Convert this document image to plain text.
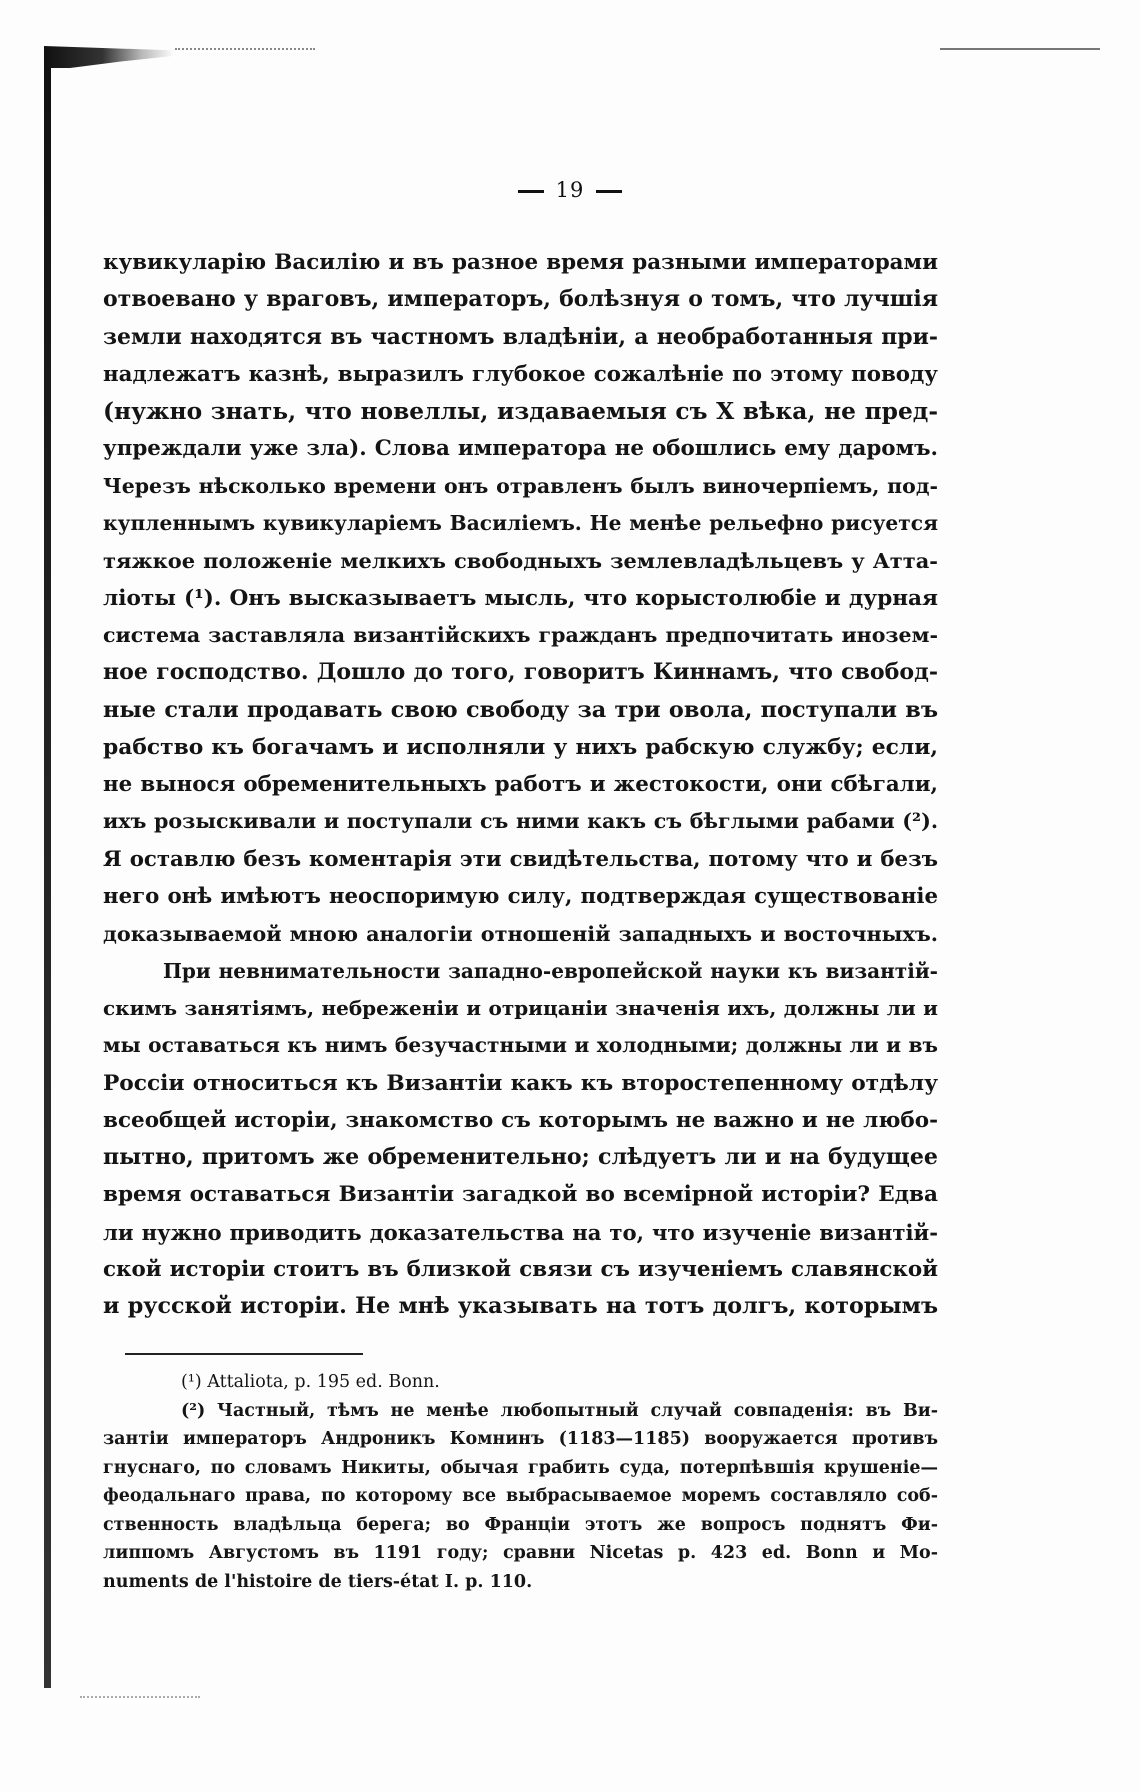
19
кувикуларію Василію и въ разное время разными императорами
отвоевано у враговъ, императоръ, болѣзнуя о томъ, что лучшія
земли находятся въ частномъ владѣніи, а необработанныя при-
надлежатъ казнѣ, выразилъ глубокое сожалѣніе по этому поводу
(нужно знать, что новеллы, издаваемыя съ X вѣка, не пред-
упреждали уже зла). Слова императора не обошлись ему даромъ.
Черезъ нѣсколько времени онъ отравленъ былъ виночерпіемъ, под-
купленнымъ кувикуларіемъ Василіемъ. Не менѣе рельефно рисуется
тяжкое положеніе мелкихъ свободныхъ землевладѣльцевъ у Атта-
ліоты (¹). Онъ высказываетъ мысль, что корыстолюбіе и дурная
система заставляла византійскихъ гражданъ предпочитать инозем-
ное господство. Дошло до того, говоритъ Киннамъ, что свобод-
ные стали продавать свою свободу за три овола, поступали въ
рабство къ богачамъ и исполняли у нихъ рабскую службу; если,
не вынося обременительныхъ работъ и жестокости, они сбѣгали,
ихъ розыскивали и поступали съ ними какъ съ бѣглыми рабами (²).
Я оставлю безъ коментарія эти свидѣтельства, потому что и безъ
него онѣ имѣютъ неоспоримую силу, подтверждая существованіе
доказываемой мною аналогіи отношеній западныхъ и восточныхъ.
При невнимательности западно-европейской науки къ византій-
скимъ занятіямъ, небреженіи и отрицаніи значенія ихъ, должны ли и
мы оставаться къ нимъ безучастными и холодными; должны ли и въ
Россіи относиться къ Византіи какъ къ второстепенному отдѣлу
всеобщей исторіи, знакомство съ которымъ не важно и не любо-
пытно, притомъ же обременительно; слѣдуетъ ли и на будущее
время оставаться Византіи загадкой во всемірной исторіи? Едва
ли нужно приводить доказательства на то, что изученіе византій-
ской исторіи стоитъ въ близкой связи съ изученіемъ славянской
и русской исторіи. Не мнѣ указывать на тотъ долгъ, которымъ
(¹) Attaliota, p. 195 ed. Bonn.
(²) Частный, тѣмъ не менѣе любопытный случай совпаденія: въ Ви-
зантіи императоръ Андроникъ Комнинъ (1183—1185) вооружается противъ
гнуснаго, по словамъ Никиты, обычая грабить суда, потерпѣвшія крушеніе—
феодальнаго права, по которому все выбрасываемое моремъ составляло соб-
ственность владѣльца берега; во Франціи этотъ же вопросъ поднятъ Фи-
липпомъ Августомъ въ 1191 году; сравни Nicetas p. 423 ed. Bonn и Mo-
numents de l'histoire de tiers-état I. p. 110.
